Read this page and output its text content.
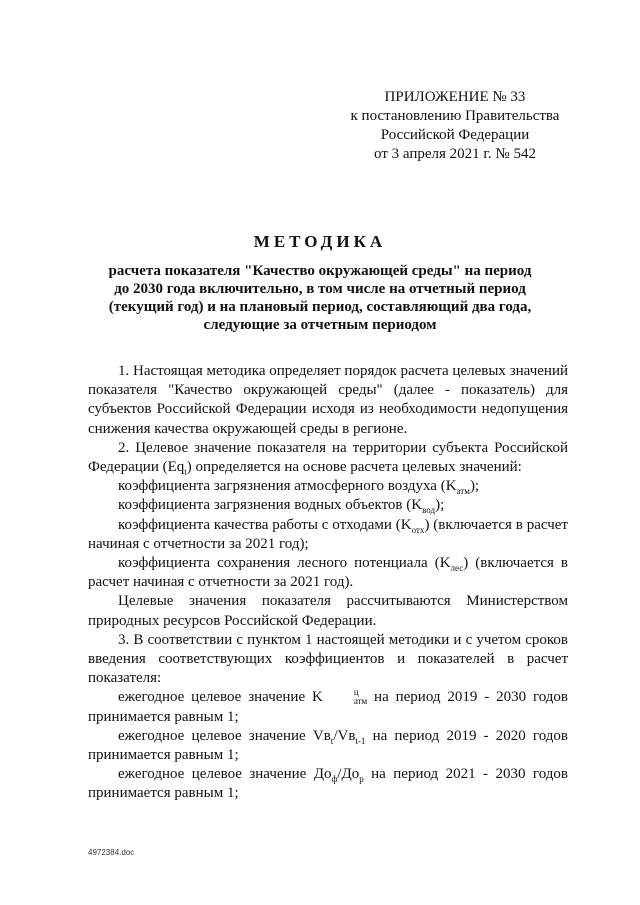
ПРИЛОЖЕНИЕ № 33
к постановлению Правительства
Российской Федерации
от 3 апреля 2021 г. № 542
МЕТОДИКА
расчета показателя "Качество окружающей среды" на период
до 2030 года включительно, в том числе на отчетный период
(текущий год) и на плановый период, составляющий два года,
следующие за отчетным периодом

1. Настоящая методика определяет порядок расчета целевых значений показателя "Качество окружающей среды" (далее - показатель) для субъектов Российской Федерации исходя из необходимости недопущения снижения качества окружающей среды в регионе.

2. Целевое значение показателя на территории субъекта Российской Федерации $(Eq_t)$ определяется на основе расчета целевых значений:

коэффициента загрязнения атмосферного воздуха $(K_{атм})$;

коэффициента загрязнения водных объектов $(K_{вод})$;

коэффициента качества работы с отходами $(K_{отх})$ (включается в расчет начиная с отчетности за 2021 год);

коэффициента сохранения лесного потенциала $(K_{лес})$ (включается в расчет начиная с отчетности за 2021 год).

Целевые значения показателя рассчитываются Министерством природных ресурсов Российской Федерации.

3. В соответствии с пунктом 1 настоящей методики и с учетом сроков введения соответствующих коэффициентов и показателей в расчет показателя:

ежегодное целевое значение K	ц
атм на период 2019 - 2030 годов принимается равным 1;

ежегодное целевое значение $Vв_t/Vв_{t-1}$ на период 2019 - 2020 годов принимается равным 1;

ежегодное целевое значение $До_ф/До_р$ на период 2021 - 2030 годов принимается равным 1;

4972384.doc
